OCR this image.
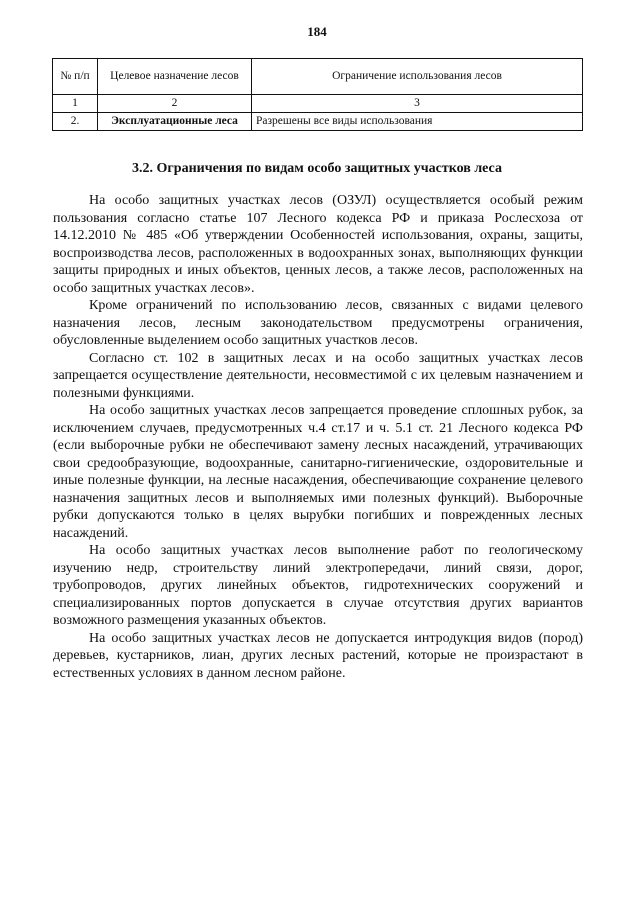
184
№ п/п	Целевое назначение лесов	Ограничение использования лесов
1	2	3
2.	Эксплуатационные леса	Разрешены все виды использования
3.2. Ограничения по видам особо защитных участков леса

На особо защитных участках лесов (ОЗУЛ) осуществляется особый режим пользования согласно статье 107 Лесного кодекса РФ и приказа Рослесхоза от 14.12.2010 № 485 «Об утверждении Особенностей использования, охраны, защиты, воспроизводства лесов, расположенных в водоохранных зонах, выполняющих функции защиты природных и иных объектов, ценных лесов, а также лесов, расположенных на особо защитных участках лесов».

Кроме ограничений по использованию лесов, связанных с видами целевого назначения лесов, лесным законодательством предусмотрены ограничения, обусловленные выделением особо защитных участков лесов.

Согласно ст. 102 в защитных лесах и на особо защитных участках лесов запрещается осуществление деятельности, несовместимой с их целевым назначением и полезными функциями.

На особо защитных участках лесов запрещается проведение сплошных рубок, за исключением случаев, предусмотренных ч.4 ст.17 и ч. 5.1 ст. 21 Лесного кодекса РФ (если выборочные рубки не обеспечивают замену лесных насаждений, утрачивающих свои средообразующие, водоохранные, санитарно-гигиенические, оздоровительные и иные полезные функции, на лесные насаждения, обеспечивающие сохранение целевого назначения защитных лесов и выполняемых ими полезных функций). Выборочные рубки допускаются только в целях вырубки погибших и поврежденных лесных насаждений.

На особо защитных участках лесов выполнение работ по геологическому изучению недр, строительству линий электропередачи, линий связи, дорог, трубопроводов, других линейных объектов, гидротехнических сооружений и специализированных портов допускается в случае отсутствия других вариантов возможного размещения указанных объектов.

На особо защитных участках лесов не допускается интродукция видов (пород) деревьев, кустарников, лиан, других лесных растений, которые не произрастают в естественных условиях в данном лесном районе.
